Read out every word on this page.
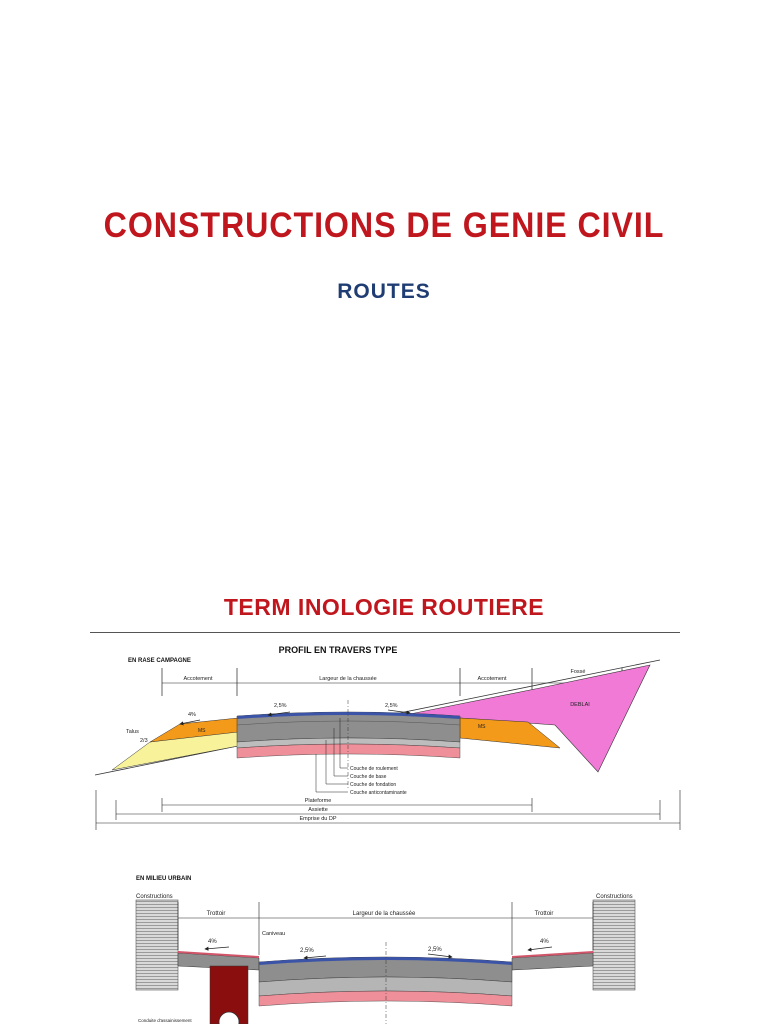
CONSTRUCTIONS DE GENIE CIVIL
ROUTES
TERM INOLOGIE ROUTIERE
PROFIL EN TRAVERS TYPE
EN RASE CAMPAGNE
Accotement	Largeur de la chaussée	Accotement
Fossé
DEBLAI
MS
MS
4%
2,5%	2,5%
Talus
2/3
Couche de roulement
Couche de base
Couche de fondation
Couche anticontaminante
Plateforme
Assiette
Emprise du DP
EN MILIEU URBAIN
Constructions	Constructions
Trottoir	Largeur de la chaussée	Trottoir
Caniveau
4%	4%
2,5%	2,5%
Conduite d'assainissement
